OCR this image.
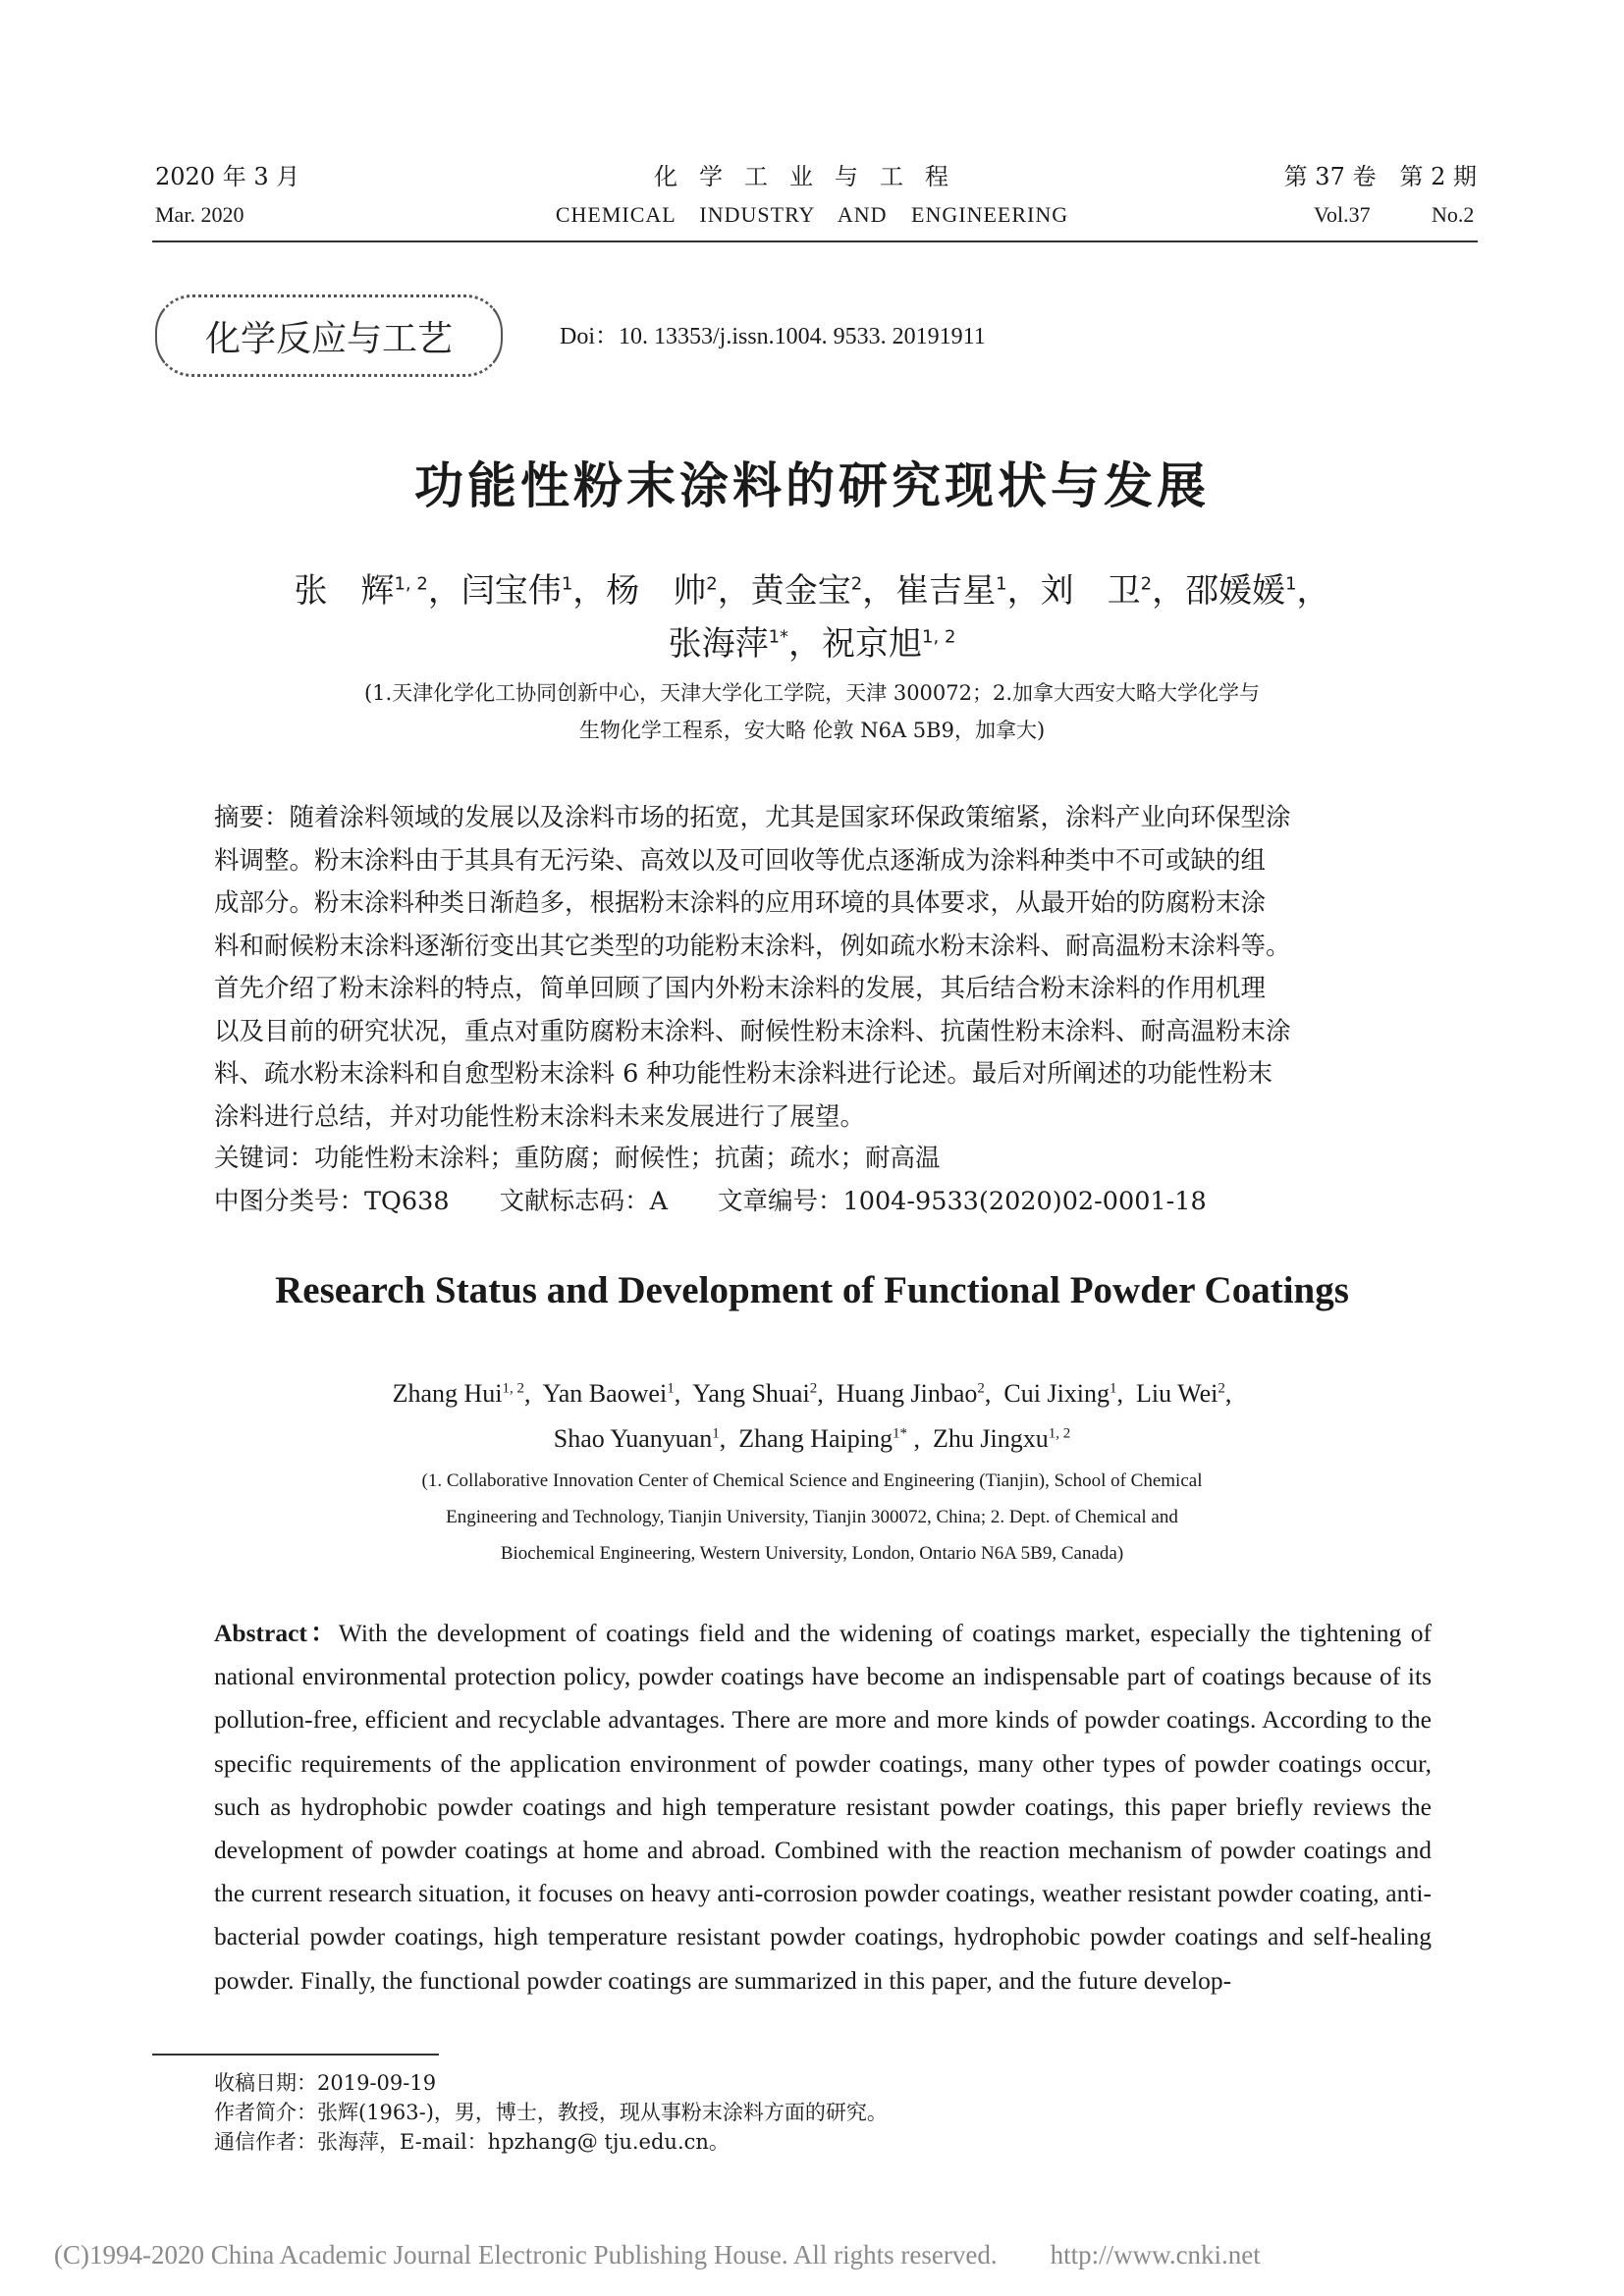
2020 年 3 月	化学工业与工程	第 37 卷　第 2 期
Mar. 2020	CHEMICAL INDUSTRY AND ENGINEERING	Vol.37	No.2
化学反应与工艺	Doi：10. 13353/j.issn.1004. 9533. 20191911
功能性粉末涂料的研究现状与发展
张　辉$^{1, 2}$，闫宝伟$^1$，杨　帅$^2$，黄金宝$^2$，崔吉星$^1$，刘　卫$^2$，邵媛媛$^1$，
张海萍$^{1*}$，祝京旭$^{1, 2}$
(1.天津化学化工协同创新中心，天津大学化工学院，天津 300072；2.加拿大西安大略大学化学与
生物化学工程系，安大略 伦敦 N6A 5B9，加拿大)
摘要：随着涂料领域的发展以及涂料市场的拓宽，尤其是国家环保政策缩紧，涂料产业向环保型涂
料调整。粉末涂料由于其具有无污染、高效以及可回收等优点逐渐成为涂料种类中不可或缺的组
成部分。粉末涂料种类日渐趋多，根据粉末涂料的应用环境的具体要求，从最开始的防腐粉末涂
料和耐候粉末涂料逐渐衍变出其它类型的功能粉末涂料，例如疏水粉末涂料、耐高温粉末涂料等。
首先介绍了粉末涂料的特点，简单回顾了国内外粉末涂料的发展，其后结合粉末涂料的作用机理
以及目前的研究状况，重点对重防腐粉末涂料、耐候性粉末涂料、抗菌性粉末涂料、耐高温粉末涂
料、疏水粉末涂料和自愈型粉末涂料 6 种功能性粉末涂料进行论述。最后对所阐述的功能性粉末
涂料进行总结，并对功能性粉末涂料未来发展进行了展望。
关键词：功能性粉末涂料；重防腐；耐候性；抗菌；疏水；耐高温
中图分类号：TQ638　　文献标志码：A　　文章编号：1004-9533(2020)02-0001-18
Research Status and Development of Functional Powder Coatings
Zhang Hui$^{1, 2}$,  Yan Baowei$^1$,  Yang Shuai$^2$,  Huang Jinbao$^2$,  Cui Jixing$^1$,  Liu Wei$^2$,
Shao Yuanyuan$^1$,  Zhang Haiping$^{1*}$ ,  Zhu Jingxu$^{1, 2}$
(1. Collaborative Innovation Center of Chemical Science and Engineering (Tianjin), School of Chemical
Engineering and Technology, Tianjin University, Tianjin 300072, China; 2. Dept. of Chemical and
Biochemical Engineering, Western University, London, Ontario N6A 5B9, Canada)
Abstract：With the development of coatings field and the widening of coatings market, especially the tightening of national environmental protection policy, powder coatings have become an indispensable part of coatings because of its pollution-free, efficient and recyclable advantages. There are more and more kinds of powder coatings. According to the specific requirements of the application environment of powder coatings, many other types of powder coatings occur, such as hydrophobic powder coatings and high temperature resistant powder coatings, this paper briefly reviews the development of powder coatings at home and abroad. Combined with the reaction mechanism of powder coatings and the current research situation, it focuses on heavy anti-corrosion powder coatings, weather resistant powder coating, anti-bacterial powder coatings, high temperature resistant powder coatings, hydrophobic powder coatings and self-healing powder. Finally, the functional powder coatings are summarized in this paper, and the future develop-
收稿日期：2019-09-19
作者简介：张辉(1963-)，男，博士，教授，现从事粉末涂料方面的研究。
通信作者：张海萍，E-mail：hpzhang@ tju.edu.cn。
(C)1994-2020 China Academic Journal Electronic Publishing House. All rights reserved.　　http://www.cnki.net
